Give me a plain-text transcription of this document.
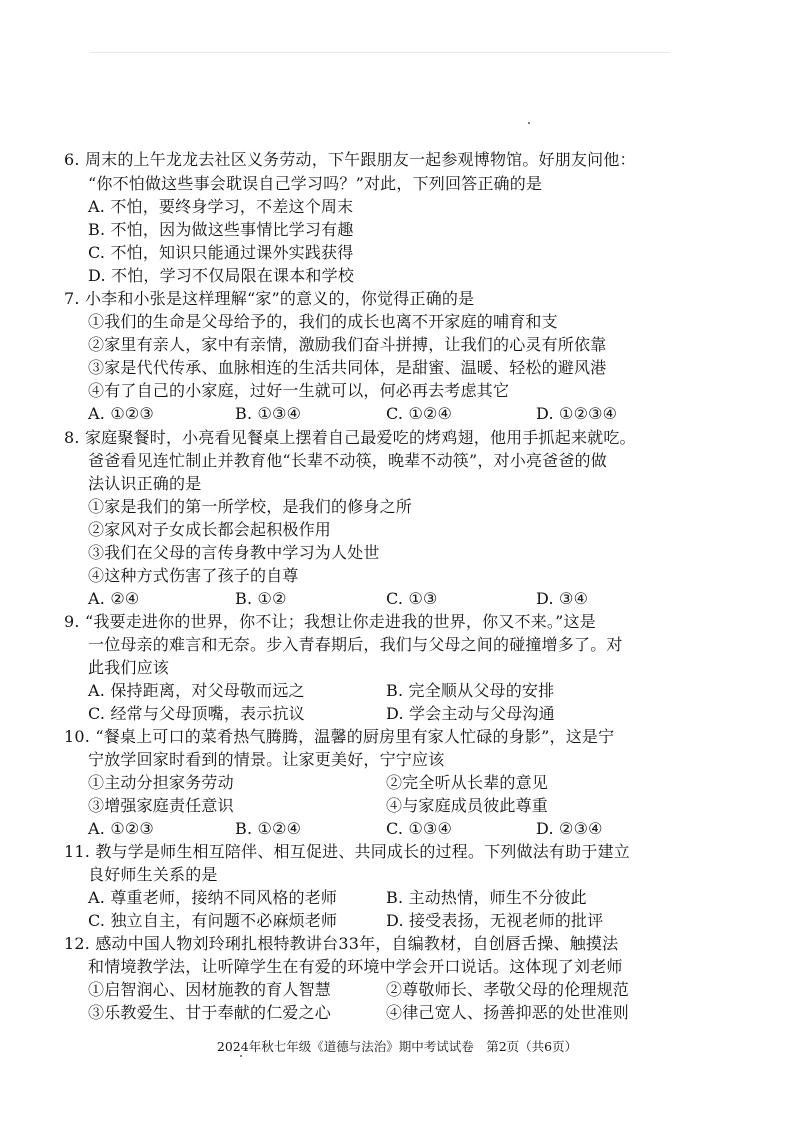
6. 周末的上午龙龙去社区义务劳动，下午跟朋友一起参观博物馆。好朋友问他：
“你不怕做这些事会耽误自己学习吗？”对此，下列回答正确的是
A. 不怕，要终身学习，不差这个周末
B. 不怕，因为做这些事情比学习有趣
C. 不怕，知识只能通过课外实践获得
D. 不怕，学习不仅局限在课本和学校
7. 小李和小张是这样理解“家”的意义的，你觉得正确的是
①我们的生命是父母给予的，我们的成长也离不开家庭的哺育和支
②家里有亲人，家中有亲情，激励我们奋斗拼搏，让我们的心灵有所依靠
③家是代代传承、血脉相连的生活共同体，是甜蜜、温暖、轻松的避风港
④有了自己的小家庭，过好一生就可以，何必再去考虑其它
A. ①②③	B. ①③④	C. ①②④	D. ①②③④
8. 家庭聚餐时，小亮看见餐桌上摆着自己最爱吃的烤鸡翅，他用手抓起来就吃。
爸爸看见连忙制止并教育他“长辈不动筷，晚辈不动筷”，对小亮爸爸的做
法认识正确的是
①家是我们的第一所学校，是我们的修身之所
②家风对子女成长都会起积极作用
③我们在父母的言传身教中学习为人处世
④这种方式伤害了孩子的自尊
A. ②④	B. ①②	C. ①③	D. ③④
9. “我要走进你的世界，你不让；我想让你走进我的世界，你又不来。”这是
一位母亲的难言和无奈。步入青春期后，我们与父母之间的碰撞增多了。对
此我们应该
A. 保持距离，对父母敬而远之	B. 完全顺从父母的安排
C. 经常与父母顶嘴，表示抗议	D. 学会主动与父母沟通
10. “餐桌上可口的菜肴热气腾腾，温馨的厨房里有家人忙碌的身影”，这是宁
宁放学回家时看到的情景。让家更美好，宁宁应该
①主动分担家务劳动	②完全听从长辈的意见
③增强家庭责任意识	④与家庭成员彼此尊重
A. ①②③	B. ①②④	C. ①③④	D. ②③④
11. 教与学是师生相互陪伴、相互促进、共同成长的过程。下列做法有助于建立
良好师生关系的是
A. 尊重老师，接纳不同风格的老师	B. 主动热情，师生不分彼此
C. 独立自主，有问题不必麻烦老师	D. 接受表扬，无视老师的批评
12. 感动中国人物刘玲琍扎根特教讲台33年，自编教材，自创唇舌操、触摸法
和情境教学法，让听障学生在有爱的环境中学会开口说话。这体现了刘老师
①启智润心、因材施教的育人智慧	②尊敬师长、孝敬父母的伦理规范
③乐教爱生、甘于奉献的仁爱之心	④律己宽人、扬善抑恶的处世准则
2024年秋七年级《道德与法治》期中考试试卷　第2页（共6页）
